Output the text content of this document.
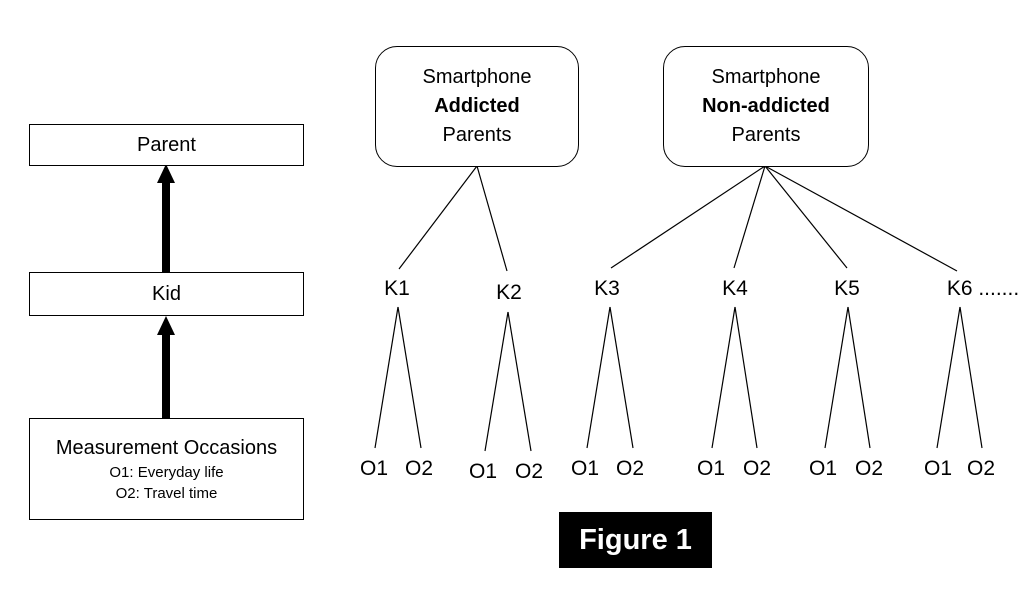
Parent
Kid
Measurement Occasions
O1: Everyday life
O2: Travel time
Smartphone
Addicted
Parents
Smartphone
Non-addicted
Parents
K1	K2	K3	K4	K5	K6 .......
O1 O2 O1 O2 O1 O2	O1 O2 O1 O2 O1 O2
Figure 1
